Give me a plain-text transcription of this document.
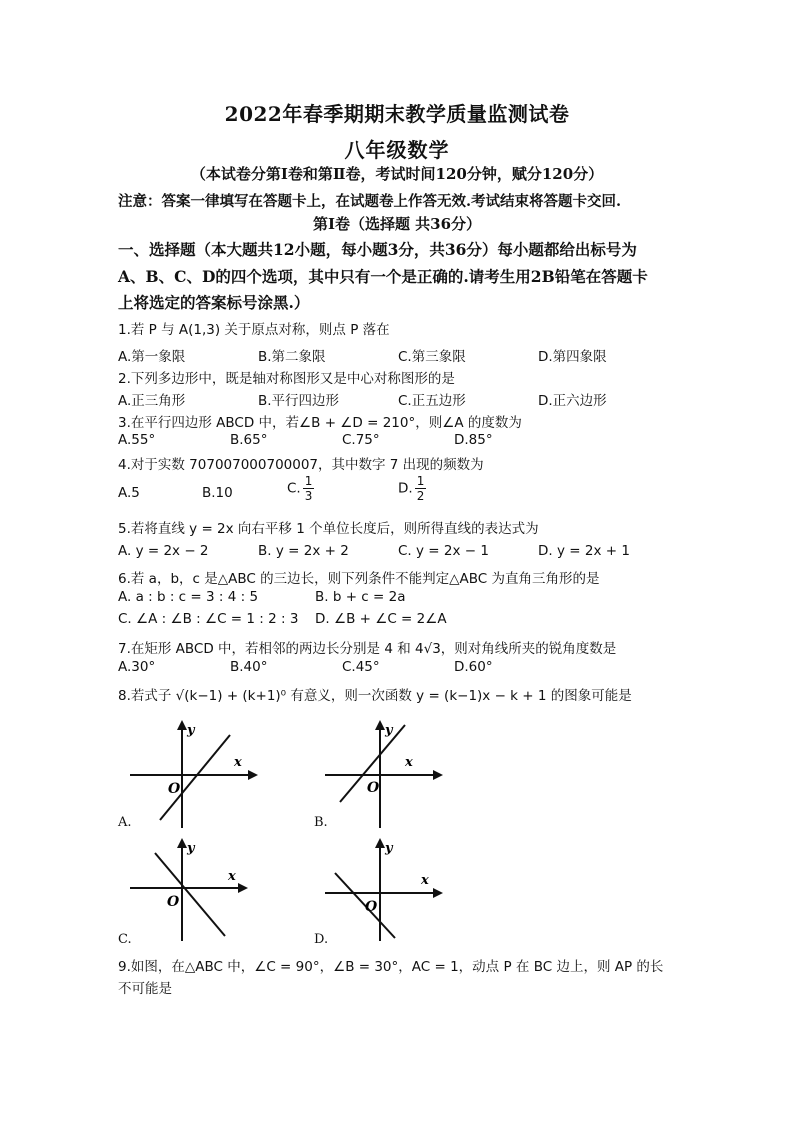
2022年春季期期末教学质量监测试卷
八年级数学
（本试卷分第Ⅰ卷和第Ⅱ卷，考试时间120分钟，赋分120分）
注意：答案一律填写在答题卡上，在试题卷上作答无效.考试结束将答题卡交回.
第Ⅰ卷（选择题 共36分）
一、选择题（本大题共12小题，每小题3分，共36分）每小题都给出标号为
A、B、C、D的四个选项，其中只有一个是正确的.请考生用2B铅笔在答题卡
上将选定的答案标号涂黑.）
1.若 P 与 A(1,3) 关于原点对称，则点 P 落在
A.第一象限	B.第二象限	C.第三象限	D.第四象限
2.下列多边形中，既是轴对称图形又是中心对称图形的是
A.正三角形	B.平行四边形	C.正五边形	D.正六边形
3.在平行四边形 ABCD 中，若∠B + ∠D = 210°，则∠A 的度数为
A.55°	B.65°	C.75°	D.85°
4.对于实数 707007000700007，其中数字 7 出现的频数为
A.5	B.10	C. $\frac{1}{3}$	D. $\frac{1}{2}$
5.若将直线 y = 2x 向右平移 1 个单位长度后，则所得直线的表达式为
A. y = 2x − 2	B. y = 2x + 2	C. y = 2x − 1	D. y = 2x + 1
6.若 a，b，c 是△ABC 的三边长，则下列条件不能判定△ABC 为直角三角形的是
A. a : b : c = 3 : 4 : 5	B. b + c = 2a
C. ∠A : ∠B : ∠C = 1 : 2 : 3 D. ∠B + ∠C = 2∠A
7.在矩形 ABCD 中，若相邻的两边长分别是 4 和 4√3，则对角线所夹的锐角度数是
A.30°	B.40°	C.45°	D.60°
8.若式子 √(k−1) + (k+1)⁰ 有意义，则一次函数 y = (k−1)x − k + 1 的图象可能是
x
y
O
A.
x
y
O
B.
x
y
O
C.
x
y
O
D.
9.如图，在△ABC 中，∠C = 90°，∠B = 30°，AC = 1，动点 P 在 BC 边上，则 AP 的长
不可能是
